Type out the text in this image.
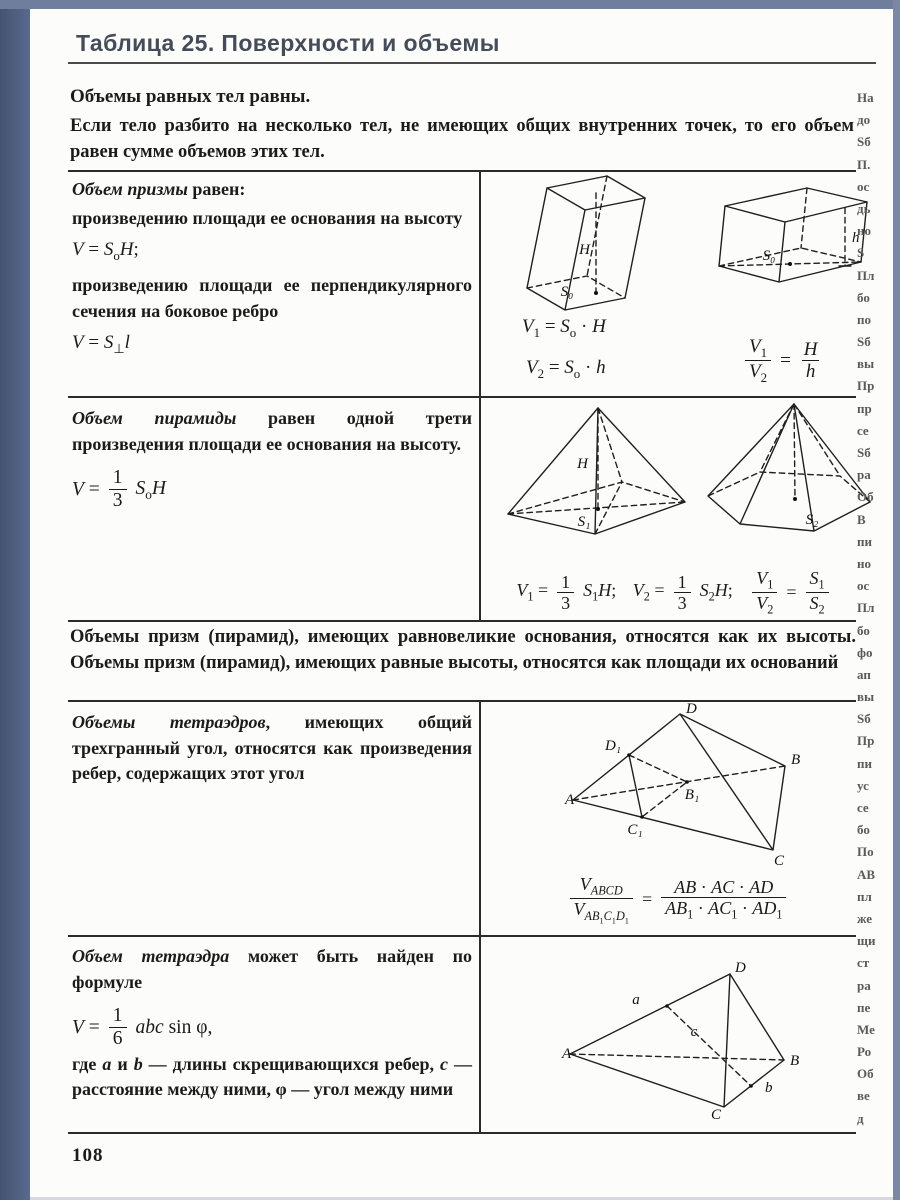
Таблица 25. Поверхности и объемы
Объемы равных тел равны.
Если тело разбито на несколько тел, не имеющих общих внутренних точек, то его объем равен сумме объемов этих тел.

Объем призмы равен:

произведению площади ее основания на высоту

$V = S_оH$;

произведению площади ее перпендикулярного сечения на боковое ребро

$V = S_\perp l$

H
S₀
h
S₀
$V_1 = S_о \cdot H$
$V_2 = S_о \cdot h$	$\frac{V_1}{V_2} = \frac{H}{h}$

Объем пирамиды равен одной трети произведения площади ее основания на высоту.

$V = \frac{1}{3} S_оH$
H
S₁	S₂
$V_1 = \frac{1}{3} S_1H$;
$V_2 = \frac{1}{3} S_2H$;
$\frac{V_1}{V_2} = \frac{S_1}{S_2}$
Объемы призм (пирамид), имеющих равновеликие основания, относятся как их высоты. Объемы призм (пирамид), имеющих равные высоты, относятся как площади их оснований

Объемы тетраэдров, имеющих общий трехгранный угол, относятся как произведения ребер, содержащих этот угол

D
D₁
A
B
B₁
C₁
C
$\frac{V_{ABCD}}{V_{AB_1C_1D_1}} = \frac{AB \cdot AC \cdot AD}{AB_1 \cdot AC_1 \cdot AD_1}$

Объем тетраэдра может быть найден по формуле

$V = \frac{1}{6}$ abc sin φ,

где a и b — длины скрещивающихся ребер, c — расстояние между ними, φ — угол между ними

a
c
b
D
A	B
C
На
до
Sб
П.
ос
дь
но
S
Пл
бо
по
Sб
вы
Пр
пр
се
Sб
ра
Об
В
пи
но
ос
Пл
бо
фо
ап
вы
Sб
Пр
пи
ус
се
бо
По
АВ
пл
же
щи
ст
ра
пе
Ме
Ро
Об
ве
д
108
